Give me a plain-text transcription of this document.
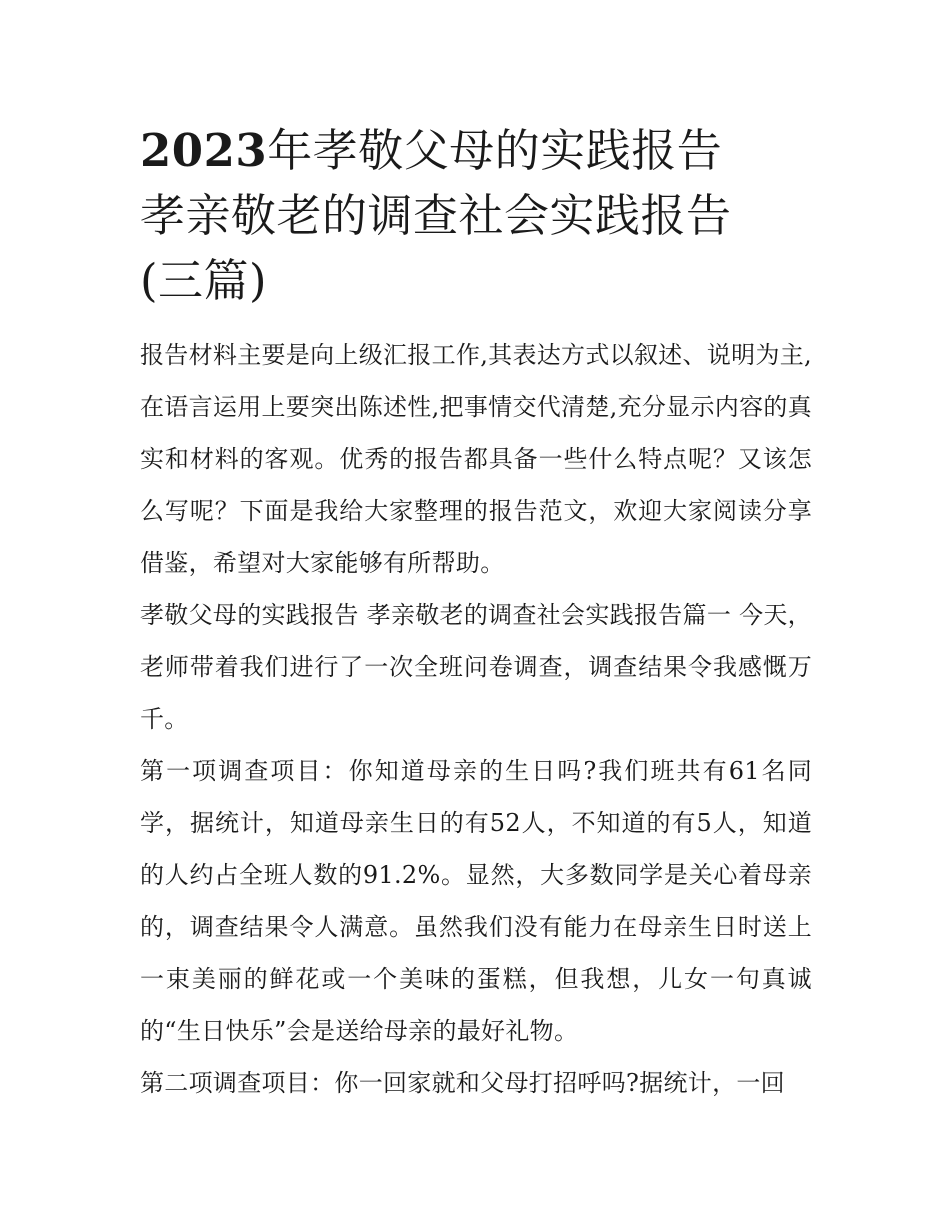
2023年孝敬父母的实践报告
孝亲敬老的调查社会实践报告
(三篇)

报告材料主要是向上级汇报工作,其表达方式以叙述、说明为主,在语言运用上要突出陈述性,把事情交代清楚,充分显示内容的真实和材料的客观。优秀的报告都具备一些什么特点呢？又该怎么写呢？下面是我给大家整理的报告范文，欢迎大家阅读分享借鉴，希望对大家能够有所帮助。

孝敬父母的实践报告 孝亲敬老的调查社会实践报告篇一 今天，老师带着我们进行了一次全班问卷调查，调查结果令我感慨万千。

第一项调查项目：你知道母亲的生日吗?我们班共有61名同学，据统计，知道母亲生日的有52人，不知道的有5人，知道的人约占全班人数的91.2%。显然，大多数同学是关心着母亲的，调查结果令人满意。虽然我们没有能力在母亲生日时送上一束美丽的鲜花或一个美味的蛋糕，但我想，儿女一句真诚的“生日快乐”会是送给母亲的最好礼物。

第二项调查项目：你一回家就和父母打招呼吗?据统计，一回
